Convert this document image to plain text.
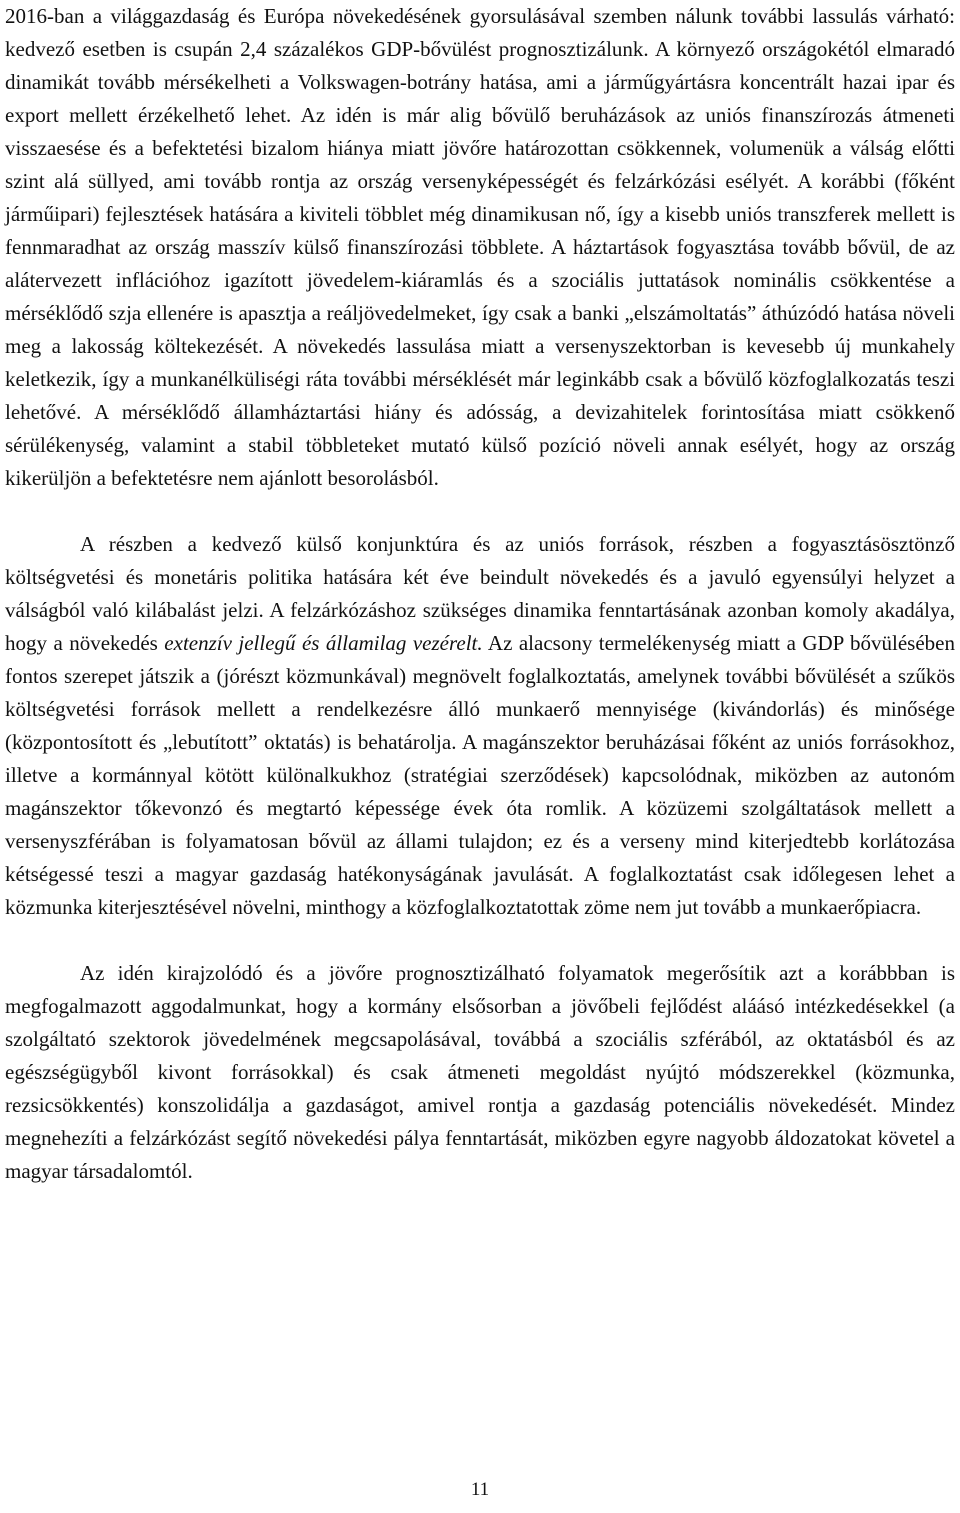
2016-ban a világgazdaság és Európa növekedésének gyorsulásával szemben nálunk további lassulás várható: kedvező esetben is csupán 2,4 százalékos GDP-bővülést prognosztizálunk. A környező országokétól elmaradó dinamikát tovább mérsékelheti a Volkswagen-botrány hatása, ami a járműgyártásra koncentrált hazai ipar és export mellett érzékelhető lehet. Az idén is már alig bővülő beruházások az uniós finanszírozás átmeneti visszaesése és a befektetési bizalom hiánya miatt jövőre határozottan csökkennek, volumenük a válság előtti szint alá süllyed, ami tovább rontja az ország versenyképességét és felzárkózási esélyét. A korábbi (főként járműipari) fejlesztések hatására a kiviteli többlet még dinamikusan nő, így a kisebb uniós transzferek mellett is fennmaradhat az ország masszív külső finanszírozási többlete. A háztartások fogyasztása tovább bővül, de az alátervezett inflációhoz igazított jövedelem-kiáramlás és a szociális juttatások nominális csökkentése a mérséklődő szja ellenére is apasztja a reáljövedelmeket, így csak a banki „elszámoltatás” áthúzódó hatása növeli meg a lakosság költekezését. A növekedés lassulása miatt a versenyszektorban is kevesebb új munkahely keletkezik, így a munkanélküliségi ráta további mérséklését már leginkább csak a bővülő közfoglalkozatás teszi lehetővé. A mérséklődő államháztartási hiány és adósság, a devizahitelek forintosítása miatt csökkenő sérülékenység, valamint a stabil többleteket mutató külső pozíció növeli annak esélyét, hogy az ország kikerüljön a befektetésre nem ajánlott besorolásból.

A részben a kedvező külső konjunktúra és az uniós források, részben a fogyasztásösztönző költségvetési és monetáris politika hatására két éve beindult növekedés és a javuló egyensúlyi helyzet a válságból való kilábalást jelzi. A felzárkózáshoz szükséges dinamika fenntartásának azonban komoly akadálya, hogy a növekedés extenzív jellegű és államilag vezérelt. Az alacsony termelékenység miatt a GDP bővülésében fontos szerepet játszik a (jórészt közmunkával) megnövelt foglalkoztatás, amelynek további bővülését a szűkös költségvetési források mellett a rendelkezésre álló munkaerő mennyisége (kivándorlás) és minősége (központosított és „lebutított” oktatás) is behatárolja. A magánszektor beruházásai főként az uniós forrásokhoz, illetve a kormánnyal kötött különalkukhoz (stratégiai szerződések) kapcsolódnak, miközben az autonóm magánszektor tőkevonzó és megtartó képessége évek óta romlik. A közüzemi szolgáltatások mellett a versenyszférában is folyamatosan bővül az állami tulajdon; ez és a verseny mind kiterjedtebb korlátozása kétségessé teszi a magyar gazdaság hatékonyságának javulását. A foglalkoztatást csak időlegesen lehet a közmunka kiterjesztésével növelni, minthogy a közfoglalkoztatottak zöme nem jut tovább a munkaerőpiacra.

Az idén kirajzolódó és a jövőre prognosztizálható folyamatok megerősítik azt a korábbban is megfogalmazott aggodalmunkat, hogy a kormány elsősorban a jövőbeli fejlődést aláásó intézkedésekkel (a szolgáltató szektorok jövedelmének megcsapolásával, továbbá a szociális szférából, az oktatásból és az egészségügyből kivont forrásokkal) és csak átmeneti megoldást nyújtó módszerekkel (közmunka, rezsicsökkentés) konszolidálja a gazdaságot, amivel rontja a gazdaság potenciális növekedését. Mindez megnehezíti a felzárkózást segítő növekedési pálya fenntartását, miközben egyre nagyobb áldozatokat követel a magyar társadalomtól.

11
